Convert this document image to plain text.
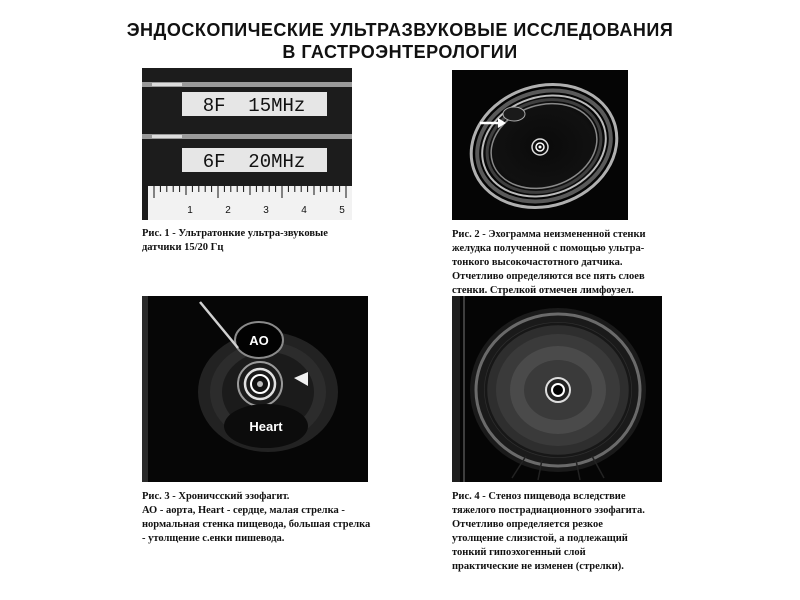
ЭНДОСКОПИЧЕСКИЕ УЛЬТРАЗВУКОВЫЕ ИССЛЕДОВАНИЯ
В ГАСТРОЭНТЕРОЛОГИИ
8F  15MHz
6F  20MHz
1	2	3	4	5
Рис. 1 - Ультратонкие ультра-звуковые
датчики 15/20 Гц
Рис. 2 - Эхограмма неизмененной стенки
желудка полученной с помощью ультра-
тонкого высокочастотного датчика.
Отчетливо определяются все пять слоев
стенки. Стрелкой отмечен лимфоузел.
AO
Heart
Рис. 3 - Хроничсский эзофагит.
АО - аорта, Heart - сердце, малая стрелка -
нормальная стенка пищевода, большая стрелка
- утолщение с.енки пишевода.
Рис. 4 - Стеноз пищевода вследствие
тяжелого пострадиационного эзофагита.
Отчетливо определяется резкое
утолщение слизистой, а подлежащий
тонкий гипоэхогенный слой
практические не изменен (стрелки).
